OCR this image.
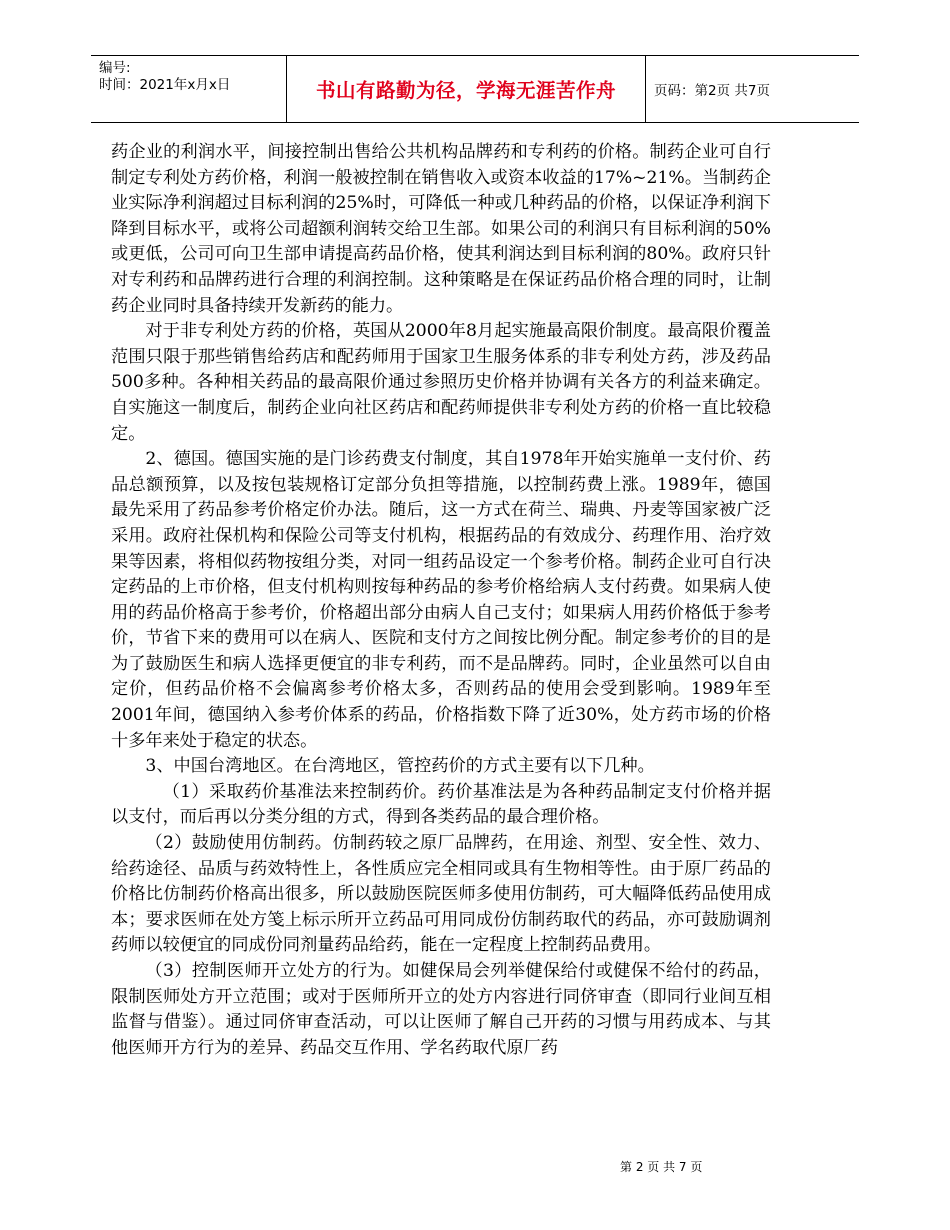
编号:
时间：2021年x月x日	书山有路勤为径，学海无涯苦作舟	页码：第2页 共7页

药企业的利润水平，间接控制出售给公共机构品牌药和专利药的价格。制药企业可自行制定专利处方药价格，利润一般被控制在销售收入或资本收益的17%~21%。当制药企业实际净利润超过目标利润的25%时，可降低一种或几种药品的价格，以保证净利润下降到目标水平，或将公司超额利润转交给卫生部。如果公司的利润只有目标利润的50%或更低，公司可向卫生部申请提高药品价格，使其利润达到目标利润的80%。政府只针对专利药和品牌药进行合理的利润控制。这种策略是在保证药品价格合理的同时，让制药企业同时具备持续开发新药的能力。

对于非专利处方药的价格，英国从2000年8月起实施最高限价制度。最高限价覆盖范围只限于那些销售给药店和配药师用于国家卫生服务体系的非专利处方药，涉及药品500多种。各种相关药品的最高限价通过参照历史价格并协调有关各方的利益来确定。自实施这一制度后，制药企业向社区药店和配药师提供非专利处方药的价格一直比较稳定。

2、德国。德国实施的是门诊药费支付制度，其自1978年开始实施单一支付价、药品总额预算，以及按包装规格订定部分负担等措施，以控制药费上涨。1989年，德国最先采用了药品参考价格定价办法。随后，这一方式在荷兰、瑞典、丹麦等国家被广泛采用。政府社保机构和保险公司等支付机构，根据药品的有效成分、药理作用、治疗效果等因素，将相似药物按组分类，对同一组药品设定一个参考价格。制药企业可自行决定药品的上市价格，但支付机构则按每种药品的参考价格给病人支付药费。如果病人使用的药品价格高于参考价，价格超出部分由病人自己支付；如果病人用药价格低于参考价，节省下来的费用可以在病人、医院和支付方之间按比例分配。制定参考价的目的是为了鼓励医生和病人选择更便宜的非专利药，而不是品牌药。同时，企业虽然可以自由定价，但药品价格不会偏离参考价格太多，否则药品的使用会受到影响。1989年至2001年间，德国纳入参考价体系的药品，价格指数下降了近30%，处方药市场的价格十多年来处于稳定的状态。

3、中国台湾地区。在台湾地区，管控药价的方式主要有以下几种。

（1）采取药价基准法来控制药价。药价基准法是为各种药品制定支付价格并据以支付，而后再以分类分组的方式，得到各类药品的最合理价格。

（2）鼓励使用仿制药。仿制药较之原厂品牌药，在用途、剂型、安全性、效力、给药途径、品质与药效特性上，各性质应完全相同或具有生物相等性。由于原厂药品的价格比仿制药价格高出很多，所以鼓励医院医师多使用仿制药，可大幅降低药品使用成本；要求医师在处方笺上标示所开立药品可用同成份仿制药取代的药品，亦可鼓励调剂药师以较便宜的同成份同剂量药品给药，能在一定程度上控制药品费用。

（3）控制医师开立处方的行为。如健保局会列举健保给付或健保不给付的药品，限制医师处方开立范围；或对于医师所开立的处方内容进行同侪审查（即同行业间互相监督与借鉴）。通过同侪审查活动，可以让医师了解自己开药的习惯与用药成本、与其他医师开方行为的差异、药品交互作用、学名药取代原厂药

第 2 页 共 7 页
